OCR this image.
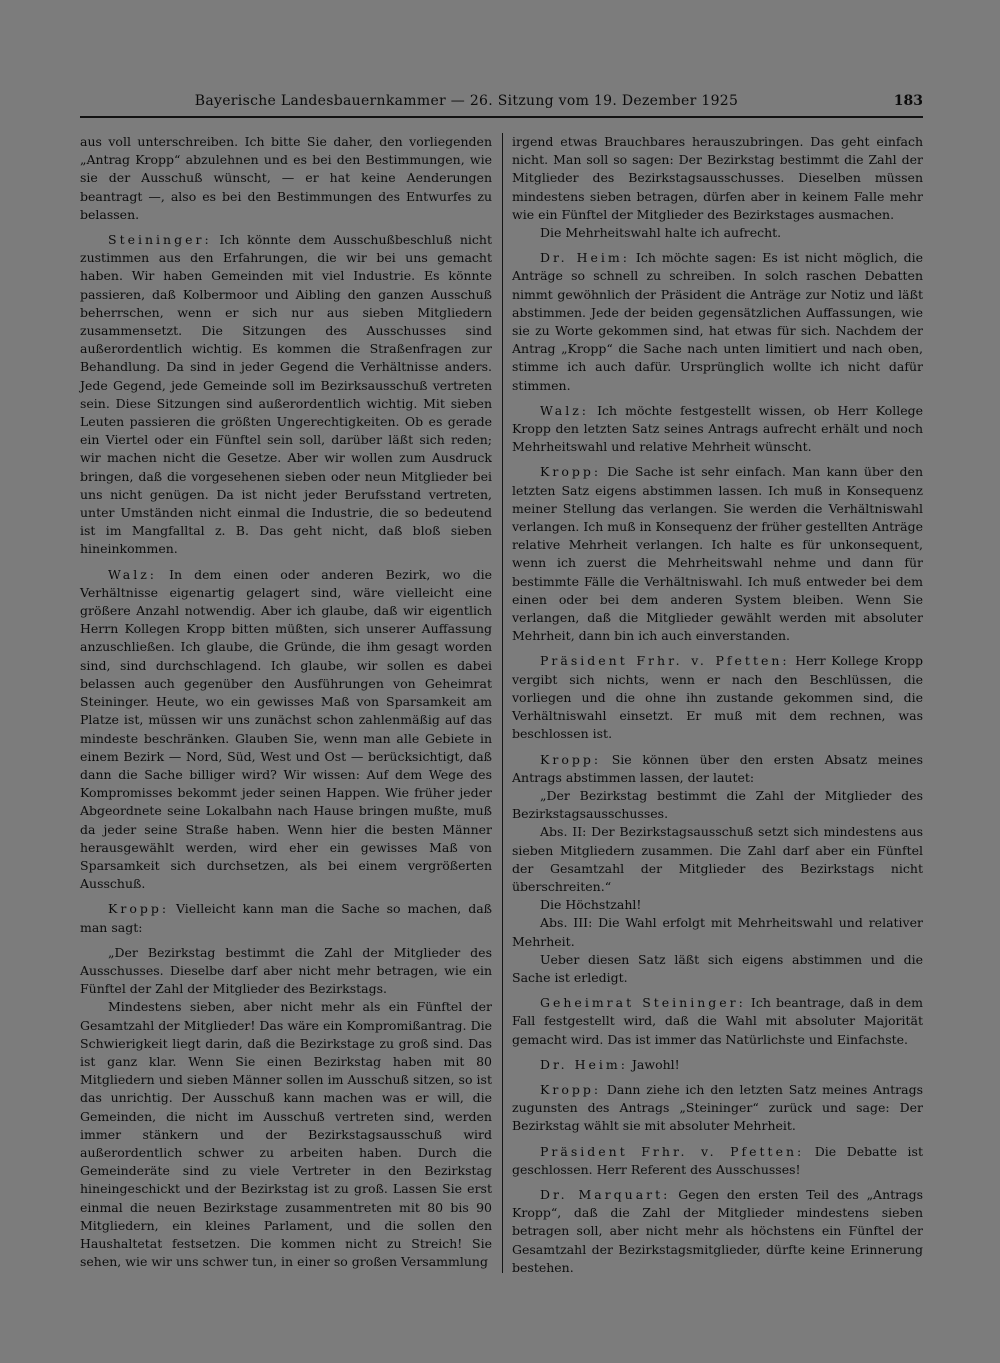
Bayerische Landesbauernkammer — 26. Sitzung vom 19. Dezember 1925	183

aus voll unterschreiben. Ich bitte Sie daher, den vorliegenden „Antrag Kropp“ abzulehnen und es bei den Bestimmungen, wie sie der Ausschuß wünscht, — er hat keine Aenderungen beantragt —, also es bei den Bestimmungen des Entwurfes zu belassen.

Steininger: Ich könnte dem Ausschußbeschluß nicht zustimmen aus den Erfahrungen, die wir bei uns gemacht haben. Wir haben Gemeinden mit viel Industrie. Es könnte passieren, daß Kolbermoor und Aibling den ganzen Ausschuß beherrschen, wenn er sich nur aus sieben Mitgliedern zusammensetzt. Die Sitzungen des Ausschusses sind außerordentlich wichtig. Es kommen die Straßenfragen zur Behandlung. Da sind in jeder Gegend die Verhältnisse anders. Jede Gegend, jede Gemeinde soll im Bezirksausschuß vertreten sein. Diese Sitzungen sind außerordentlich wichtig. Mit sieben Leuten passieren die größten Ungerechtigkeiten. Ob es gerade ein Viertel oder ein Fünftel sein soll, darüber läßt sich reden; wir machen nicht die Gesetze. Aber wir wollen zum Ausdruck bringen, daß die vorgesehenen sieben oder neun Mitglieder bei uns nicht genügen. Da ist nicht jeder Berufsstand vertreten, unter Umständen nicht einmal die Industrie, die so bedeutend ist im Mangfalltal z. B. Das geht nicht, daß bloß sieben hineinkommen.

Walz: In dem einen oder anderen Bezirk, wo die Verhältnisse eigenartig gelagert sind, wäre vielleicht eine größere Anzahl notwendig. Aber ich glaube, daß wir eigentlich Herrn Kollegen Kropp bitten müßten, sich unserer Auffassung anzuschließen. Ich glaube, die Gründe, die ihm gesagt worden sind, sind durchschlagend. Ich glaube, wir sollen es dabei belassen auch gegenüber den Ausführungen von Geheimrat Steininger. Heute, wo ein gewisses Maß von Sparsamkeit am Platze ist, müssen wir uns zunächst schon zahlenmäßig auf das mindeste beschränken. Glauben Sie, wenn man alle Gebiete in einem Bezirk — Nord, Süd, West und Ost — berücksichtigt, daß dann die Sache billiger wird? Wir wissen: Auf dem Wege des Kompromisses bekommt jeder seinen Happen. Wie früher jeder Abgeordnete seine Lokalbahn nach Hause bringen mußte, muß da jeder seine Straße haben. Wenn hier die besten Männer herausgewählt werden, wird eher ein gewisses Maß von Sparsamkeit sich durchsetzen, als bei einem vergrößerten Ausschuß.

Kropp: Vielleicht kann man die Sache so machen, daß man sagt:

„Der Bezirkstag bestimmt die Zahl der Mitglieder des Ausschusses. Dieselbe darf aber nicht mehr betragen, wie ein Fünftel der Zahl der Mitglieder des Bezirkstags.

Mindestens sieben, aber nicht mehr als ein Fünftel der Gesamtzahl der Mitglieder! Das wäre ein Kompromißantrag. Die Schwierigkeit liegt darin, daß die Bezirkstage zu groß sind. Das ist ganz klar. Wenn Sie einen Bezirkstag haben mit 80 Mitgliedern und sieben Männer sollen im Ausschuß sitzen, so ist das unrichtig. Der Ausschuß kann machen was er will, die Gemeinden, die nicht im Ausschuß vertreten sind, werden immer stänkern und der Bezirkstagsausschuß wird außerordentlich schwer zu arbeiten haben. Durch die Gemeinderäte sind zu viele Vertreter in den Bezirkstag hineingeschickt und der Bezirkstag ist zu groß. Lassen Sie erst einmal die neuen Bezirkstage zusammentreten mit 80 bis 90 Mitgliedern, ein kleines Parlament, und die sollen den Haushaltetat festsetzen. Die kommen nicht zu Streich! Sie sehen, wie wir uns schwer tun, in einer so großen Versammlung

irgend etwas Brauchbares herauszubringen. Das geht einfach nicht. Man soll so sagen: Der Bezirkstag bestimmt die Zahl der Mitglieder des Bezirkstagsausschusses. Dieselben müssen mindestens sieben betragen, dürfen aber in keinem Falle mehr wie ein Fünftel der Mitglieder des Bezirkstages ausmachen.

Die Mehrheitswahl halte ich aufrecht.

Dr. Heim: Ich möchte sagen: Es ist nicht möglich, die Anträge so schnell zu schreiben. In solch raschen Debatten nimmt gewöhnlich der Präsident die Anträge zur Notiz und läßt abstimmen. Jede der beiden gegensätzlichen Auffassungen, wie sie zu Worte gekommen sind, hat etwas für sich. Nachdem der Antrag „Kropp“ die Sache nach unten limitiert und nach oben, stimme ich auch dafür. Ursprünglich wollte ich nicht dafür stimmen.

Walz: Ich möchte festgestellt wissen, ob Herr Kollege Kropp den letzten Satz seines Antrags aufrecht erhält und noch Mehrheitswahl und relative Mehrheit wünscht.

Kropp: Die Sache ist sehr einfach. Man kann über den letzten Satz eigens abstimmen lassen. Ich muß in Konsequenz meiner Stellung das verlangen. Sie werden die Verhältniswahl verlangen. Ich muß in Konsequenz der früher gestellten Anträge relative Mehrheit verlangen. Ich halte es für unkonsequent, wenn ich zuerst die Mehrheitswahl nehme und dann für bestimmte Fälle die Verhältniswahl. Ich muß entweder bei dem einen oder bei dem anderen System bleiben. Wenn Sie verlangen, daß die Mitglieder gewählt werden mit absoluter Mehrheit, dann bin ich auch einverstanden.

Präsident Frhr. v. Pfetten: Herr Kollege Kropp vergibt sich nichts, wenn er nach den Beschlüssen, die vorliegen und die ohne ihn zustande gekommen sind, die Verhältniswahl einsetzt. Er muß mit dem rechnen, was beschlossen ist.

Kropp: Sie können über den ersten Absatz meines Antrags abstimmen lassen, der lautet:

„Der Bezirkstag bestimmt die Zahl der Mitglieder des Bezirkstagsausschusses.

Abs. II: Der Bezirkstagsausschuß setzt sich mindestens aus sieben Mitgliedern zusammen. Die Zahl darf aber ein Fünftel der Gesamtzahl der Mitglieder des Bezirkstags nicht überschreiten.“

Die Höchstzahl!

Abs. III: Die Wahl erfolgt mit Mehrheitswahl und relativer Mehrheit.

Ueber diesen Satz läßt sich eigens abstimmen und die Sache ist erledigt.

Geheimrat Steininger: Ich beantrage, daß in dem Fall festgestellt wird, daß die Wahl mit absoluter Majorität gemacht wird. Das ist immer das Natürlichste und Einfachste.

Dr. Heim: Jawohl!

Kropp: Dann ziehe ich den letzten Satz meines Antrags zugunsten des Antrags „Steininger“ zurück und sage: Der Bezirkstag wählt sie mit absoluter Mehrheit.

Präsident Frhr. v. Pfetten: Die Debatte ist geschlossen. Herr Referent des Ausschusses!

Dr. Marquart: Gegen den ersten Teil des „Antrags Kropp“, daß die Zahl der Mitglieder mindestens sieben betragen soll, aber nicht mehr als höchstens ein Fünftel der Gesamtzahl der Bezirkstagsmitglieder, dürfte keine Erinnerung bestehen.
